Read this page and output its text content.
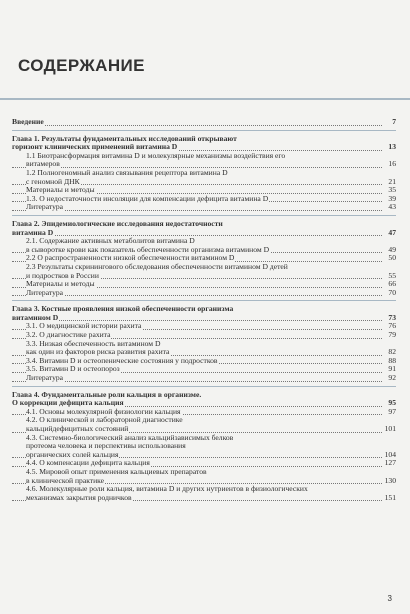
СОДЕРЖАНИЕ
Введение	7
Глава 1. Результаты фундаментальных исследований открывают
горизонт клинических применений витамина D	13
1.1 Биотрансформация витамина D и молекулярные механизмы воздействия его
витамеров	16
1.2 Полногеномный анализ связывания рецептора витамина D
с геномной ДНК	21
Материалы и методы	35
1.3. О недостаточности инсоляции для компенсации дефицита витамина D	39
Литература	43
Глава 2. Эпидемиологические исследования недостаточности
витамина D	47
2.1. Содержание активных метаболитов витамина D
в сыворотке крови как показатель обеспеченности организма витамином D	49
2.2 О распространенности низкой обеспеченности витамином D	50
2.3 Результаты скринингового обследования обеспеченности витамином D детей
и подростков в России	55
Материалы и методы	66
Литература	70
Глава 3. Костные проявления низкой обеспеченности организма
витамином D	73
3.1. О медицинской истории рахита	76
3.2. О диагностике рахита	79
3.3. Низкая обеспеченность витамином D
как один из факторов риска развития рахита	82
3.4. Витамин D и остеопенические состояния у подростков	88
3.5. Витамин D и остеопороз	91
Литература	92
Глава 4. Фундаментальные роли кальция в организме.
О коррекции дефицита кальция	95
4.1. Основы молекулярной физиологии кальция	97
4.2. О клинической и лабораторной диагностике
кальцийдефицитных состояний	101
4.3. Системно-биологический анализ кальцийзависимых белков
протеома человека и перспективы использования
органических солей кальция	104
4.4. О компенсации дефицита кальция	127
4.5. Мировой опыт применения кальциевых препаратов
в клинической практике	130
4.6. Молекулярные роли кальция, витамина D и других нутриентов в физиологических
механизмах закрытия родничков	151
3
